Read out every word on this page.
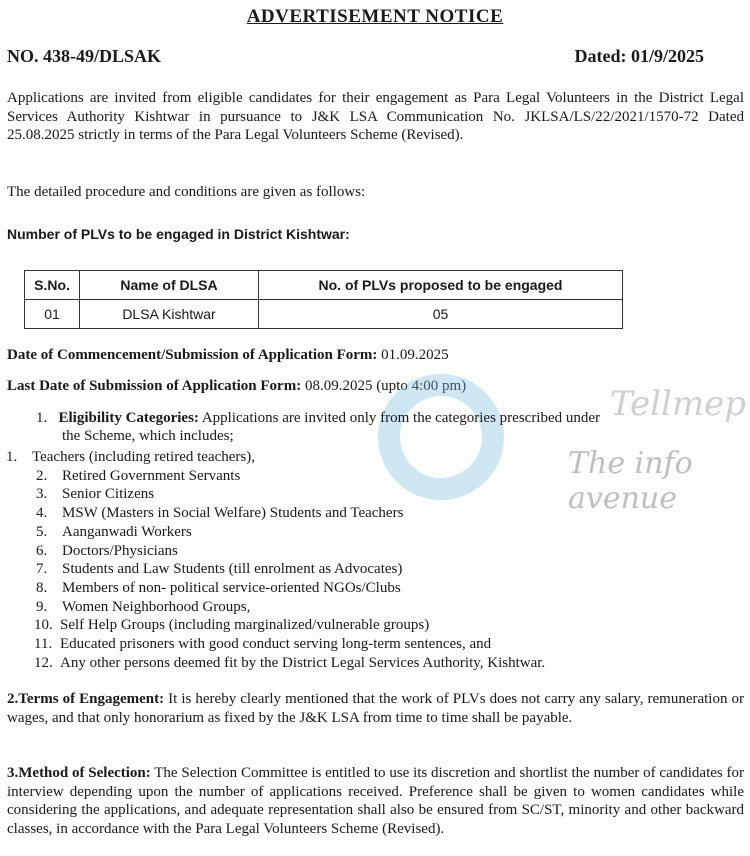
ADVERTISEMENT NOTICE
NO. 438-49/DLSAK	Dated: 01/9/2025
Applications are invited from eligible candidates for their engagement as Para Legal Volunteers in the District Legal Services Authority Kishtwar in pursuance to J&K LSA Communication No. JKLSA/LS/22/2021/1570-72 Dated 25.08.2025 strictly in terms of the Para Legal Volunteers Scheme (Revised).
The detailed procedure and conditions are given as follows:
Number of PLVs to be engaged in District Kishtwar:
S.No.	Name of DLSA	No. of PLVs proposed to be engaged
01	DLSA Kishtwar	05
Date of Commencement/Submission of Application Form: 01.09.2025
Last Date of Submission of Application Form: 08.09.2025 (upto 4:00 pm)	Tellmep
The info avenue
1. Eligibility Categories: Applications are invited only from the categories prescribed under
the Scheme, which includes;
1. Teachers (including retired teachers),
2. Retired Government Servants
3. Senior Citizens
4. MSW (Masters in Social Welfare) Students and Teachers
5. Aanganwadi Workers
6. Doctors/Physicians
7. Students and Law Students (till enrolment as Advocates)
8. Members of non- political service-oriented NGOs/Clubs
9. Women Neighborhood Groups,
10. Self Help Groups (including marginalized/vulnerable groups)
11. Educated prisoners with good conduct serving long-term sentences, and
12. Any other persons deemed fit by the District Legal Services Authority, Kishtwar.
2.Terms of Engagement: It is hereby clearly mentioned that the work of PLVs does not carry any salary, remuneration or wages, and that only honorarium as fixed by the J&K LSA from time to time shall be payable.
3.Method of Selection: The Selection Committee is entitled to use its discretion and shortlist the number of candidates for interview depending upon the number of applications received. Preference shall be given to women candidates while considering the applications, and adequate representation shall also be ensured from SC/ST, minority and other backward classes, in accordance with the Para Legal Volunteers Scheme (Revised).
